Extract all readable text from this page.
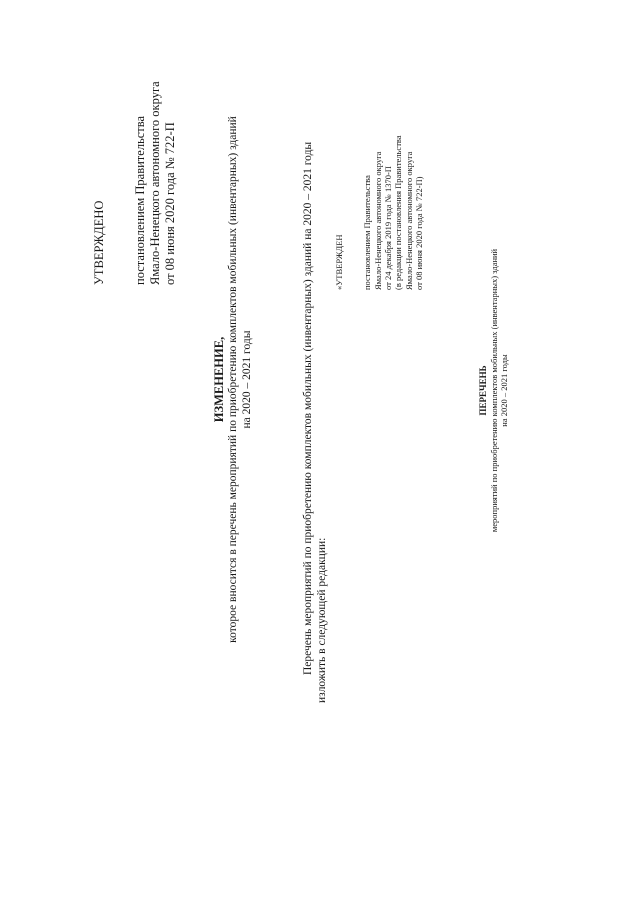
УТВЕРЖДЕНО постановлением Правительства Ямало-Ненецкого автономного округа от 08 июня 2020 года № 722-П
ИЗМЕНЕНИЕ, которое вносится в перечень мероприятий по приобретению комплектов мобильных (инвентарных) зданий на 2020 – 2021 годы	Перечень мероприятий по приобретению комплектов мобильных (инвентарных) зданий на 2020 – 2021 годы изложить в следующей редакции:
«УТВЕРЖДЕН постановлением Правительства Ямало-Ненецкого автономного округа от 24 декабря 2019 года № 1370-П (в редакции постановления Правительства Ямало-Ненецкого автономного округа от 08 июня 2020 года № 722-П)
ПЕРЕЧЕНЬ мероприятий по приобретению комплектов мобильных (инвентарных) зданий на 2020 – 2021 годы
